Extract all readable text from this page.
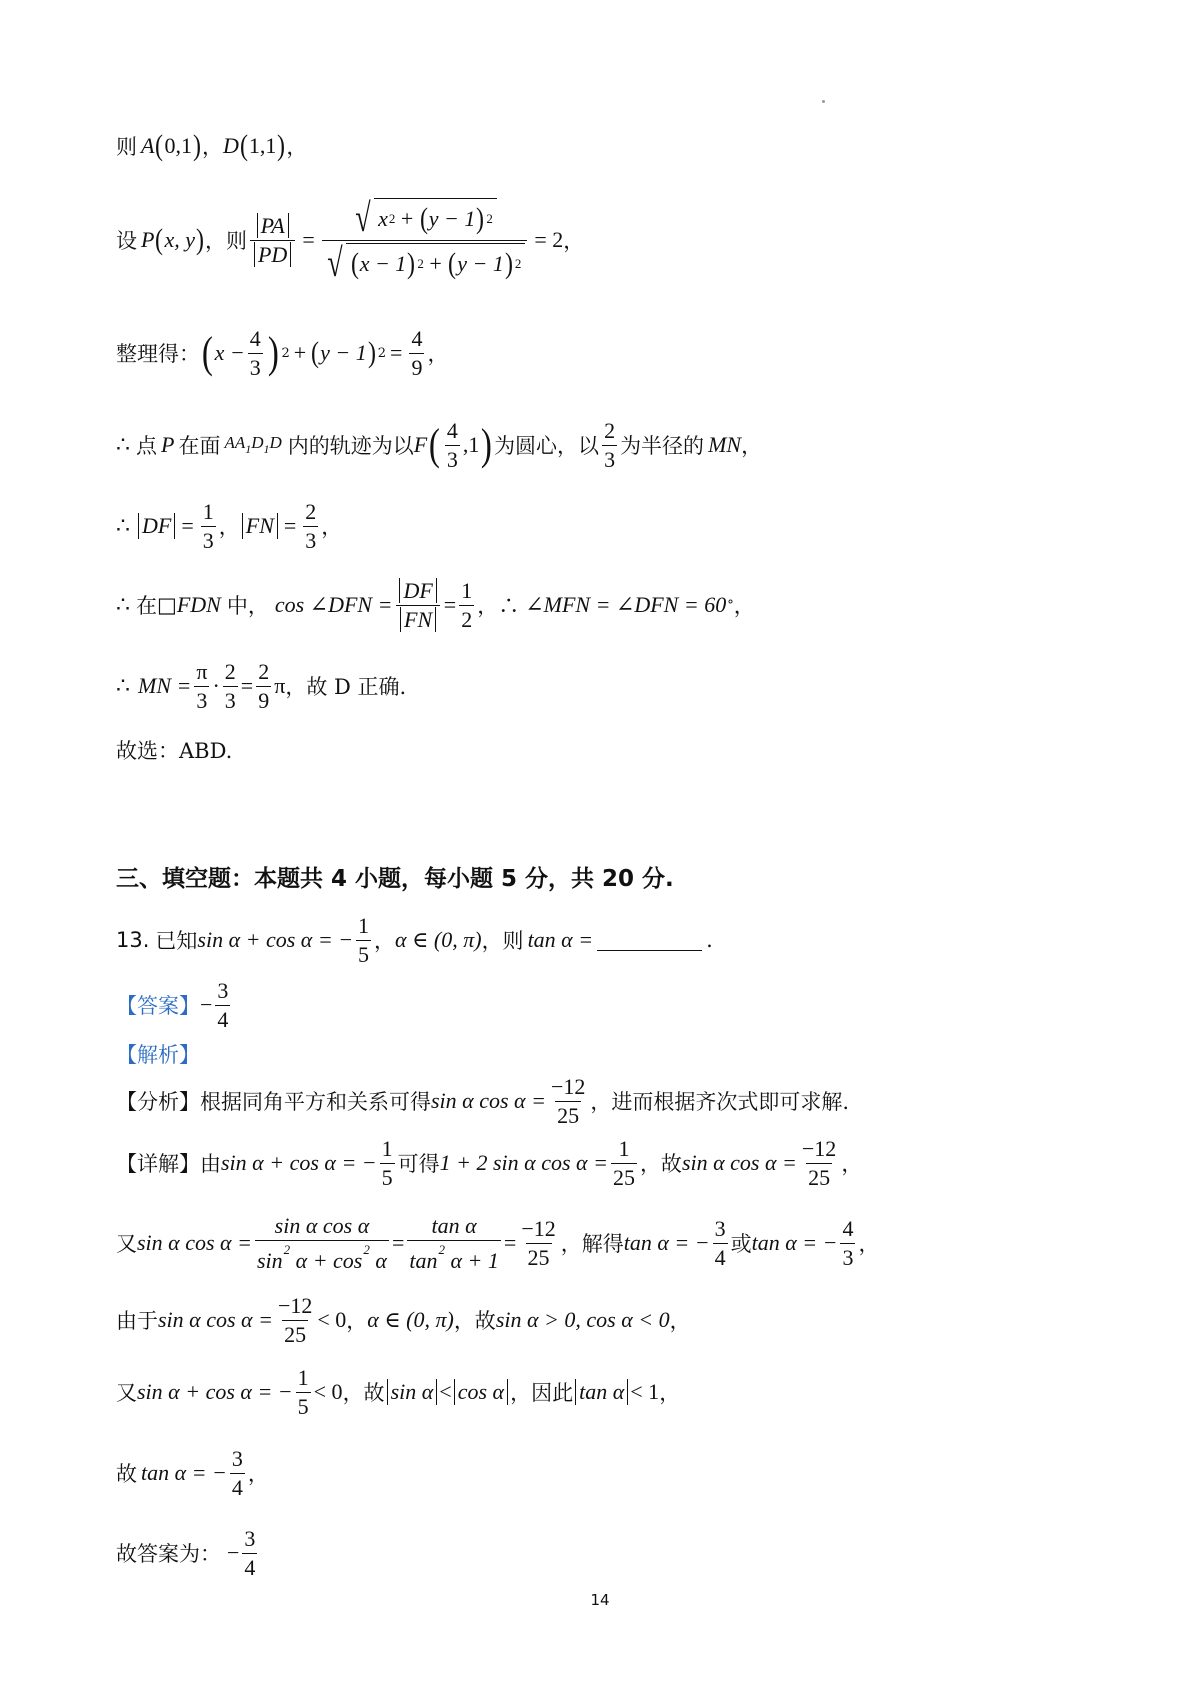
则 A ( 0,1 ) ， D ( 1,1 ) ，
设 P ( x, y ) ，则 $\frac{PA}{PD} = \frac{√ x 2 + ( y - 1 ) 2}{√ ( x - 1 ) 2 + ( y - 1 ) 2} = 2$ ，
整理得： ( $x - \frac{4}{3}$ ) 2 + ( y − 1 ) $2 = \frac{4}{9}$ ，
∴ 点 P 在面 $AA_1D_1D$ 内的轨迹为以 F ( 4
3
,1 ) 为圆心，以
2
3
为半径的 MN ，
∴ DF = $\frac{1}{3}$ ， FN = $\frac{2}{3}$ ，
∴ 在 □ FDN 中， cos ∠DFN = $\frac{DF}{FN} = \frac{1}{2}$ ，∴ ∠MFN = ∠DFN = 60 ° ，
∴ MN = $\frac{\pi}{3} \cdot \frac{2}{3} = \frac{2}{9}$ π ，故 D 正确.
故选：ABD.
三、填空题：本题共 4 小题，每小题 5 分，共 20 分.
13. 已知 sin α + cos α = − $\frac{1}{5}$ ， α ∈ (0, π) ，则 tan α =	.
【答案】 − $\frac{3}{4}$
【解析】
【分析】 根据同角平方和关系可得 sin α $\cos \alpha = \frac{-12}{25}$ ，进而根据齐次式即可求解.
【详解】 由 sin α + cos α = − $\frac{1}{5}$ 可得 1 + 2 sin α $\cos \alpha = \frac{1}{25}$ ，故 sin α $\cos \alpha = \frac{-12}{25}$ ，
又 sin α $\cos \alpha = \frac{\text{sin α cos α}}{\sin^2 \alpha + \cos^2 \alpha} = \frac{\text{tan α}}{\tan^2 \alpha + 1} = \frac{-12}{25}$ ，解得 tan α = − $\frac{3}{4}$ 或 tan α = − $\frac{4}{3}$ ，
由于 sin α $\cos \alpha = \frac{-12}{25} < 0$ ， α ∈ (0, π) ，故 sin α > 0, cos α < 0 ，
又 sin α + cos α = − $\frac{1}{5} < 0$ ，故 sin α < cos α ，因此 tan α < 1 ，
故 tan α = − $\frac{3}{4}$ ，
故答案为： − $\frac{3}{4}$
14
